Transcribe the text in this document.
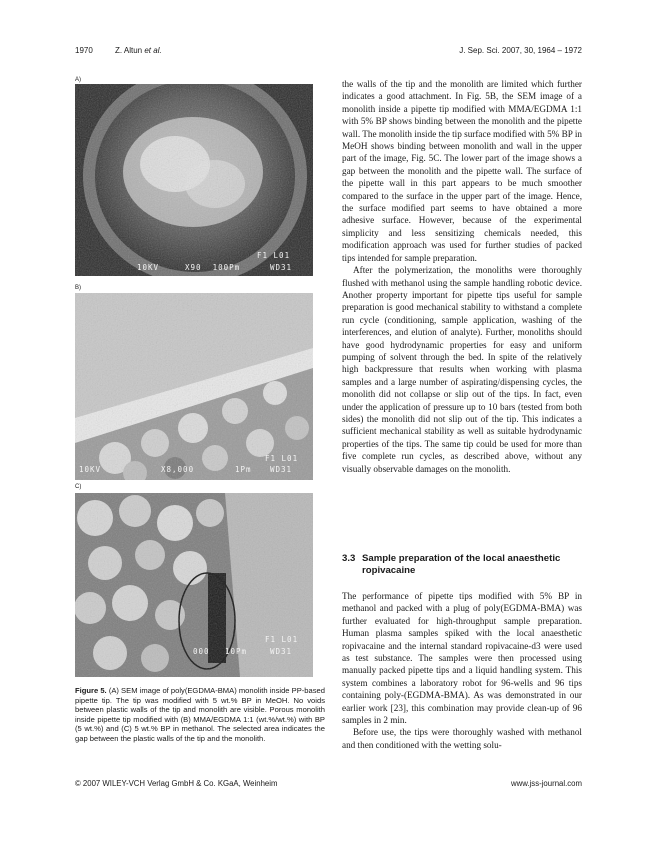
1970	Z. Altun et al.	J. Sep. Sci. 2007, 30, 1964 – 1972
A)
10KV	X90  100Pm
F1 L01
WD31
B)
10KV	X8,000	1Pm
F1 L01
WD31
C)
000 10Pm
F1 L01
WD31
Figure 5. (A) SEM image of poly(EGDMA-BMA) monolith inside PP-based pipette tip. The tip was modified with 5 wt.% BP in MeOH. No voids between plastic walls of the tip and monolith are visible. Porous monolith inside pipette tip modified with (B) MMA/EGDMA 1:1 (wt.%/wt.%) with BP (5 wt.%) and (C) 5 wt.% BP in methanol. The selected area indicates the gap between the plastic walls of the tip and the monolith.

the walls of the tip and the monolith are limited which further indicates a good attachment. In Fig. 5B, the SEM image of a monolith inside a pipette tip modified with MMA/EGDMA 1:1 with 5% BP shows binding between the monolith and the pipette wall. The monolith inside the tip surface modified with 5% BP in MeOH shows binding between monolith and wall in the upper part of the image, Fig. 5C. The lower part of the image shows a gap between the monolith and the pipette wall. The surface of the pipette wall in this part appears to be much smoother compared to the surface in the upper part of the image. Hence, the surface modified part seems to have obtained a more adhesive surface. However, because of the experimental simplicity and less sensitizing chemicals needed, this modification approach was used for further studies of packed tips intended for sample preparation.

After the polymerization, the monoliths were thoroughly flushed with methanol using the sample handling robotic device. Another property important for pipette tips useful for sample preparation is good mechanical stability to withstand a complete run cycle (conditioning, sample application, washing of the interferences, and elution of analyte). Further, monoliths should have good hydrodynamic properties for easy and uniform pumping of solvent through the bed. In spite of the relatively high backpressure that results when working with plasma samples and a large number of aspirating/dispensing cycles, the monolith did not collapse or slip out of the tips. In fact, even under the application of pressure up to 10 bars (tested from both sides) the monolith did not slip out of the tip. This indicates a sufficient mechanical stability as well as suitable hydrodynamic properties of the tips. The same tip could be used for more than five complete run cycles, as described above, without any visually observable damages on the monolith.

3.3 Sample preparation of the local anaesthetic
ropivacaine

The performance of pipette tips modified with 5% BP in methanol and packed with a plug of poly(EGDMA-BMA) was further evaluated for high-throughput sample preparation. Human plasma samples spiked with the local anaesthetic ropivacaine and the internal standard ropivacaine-d3 were used as test substance. The samples were then processed using manually packed pipette tips and a liquid handling system. This system combines a laboratory robot for 96-wells and 96 tips containing poly-(EGDMA-BMA). As was demonstrated in our earlier work [23], this combination may provide clean-up of 96 samples in 2 min.

Before use, the tips were thoroughly washed with methanol and then conditioned with the wetting solu-

© 2007 WILEY-VCH Verlag GmbH & Co. KGaA, Weinheim	www.jss-journal.com
